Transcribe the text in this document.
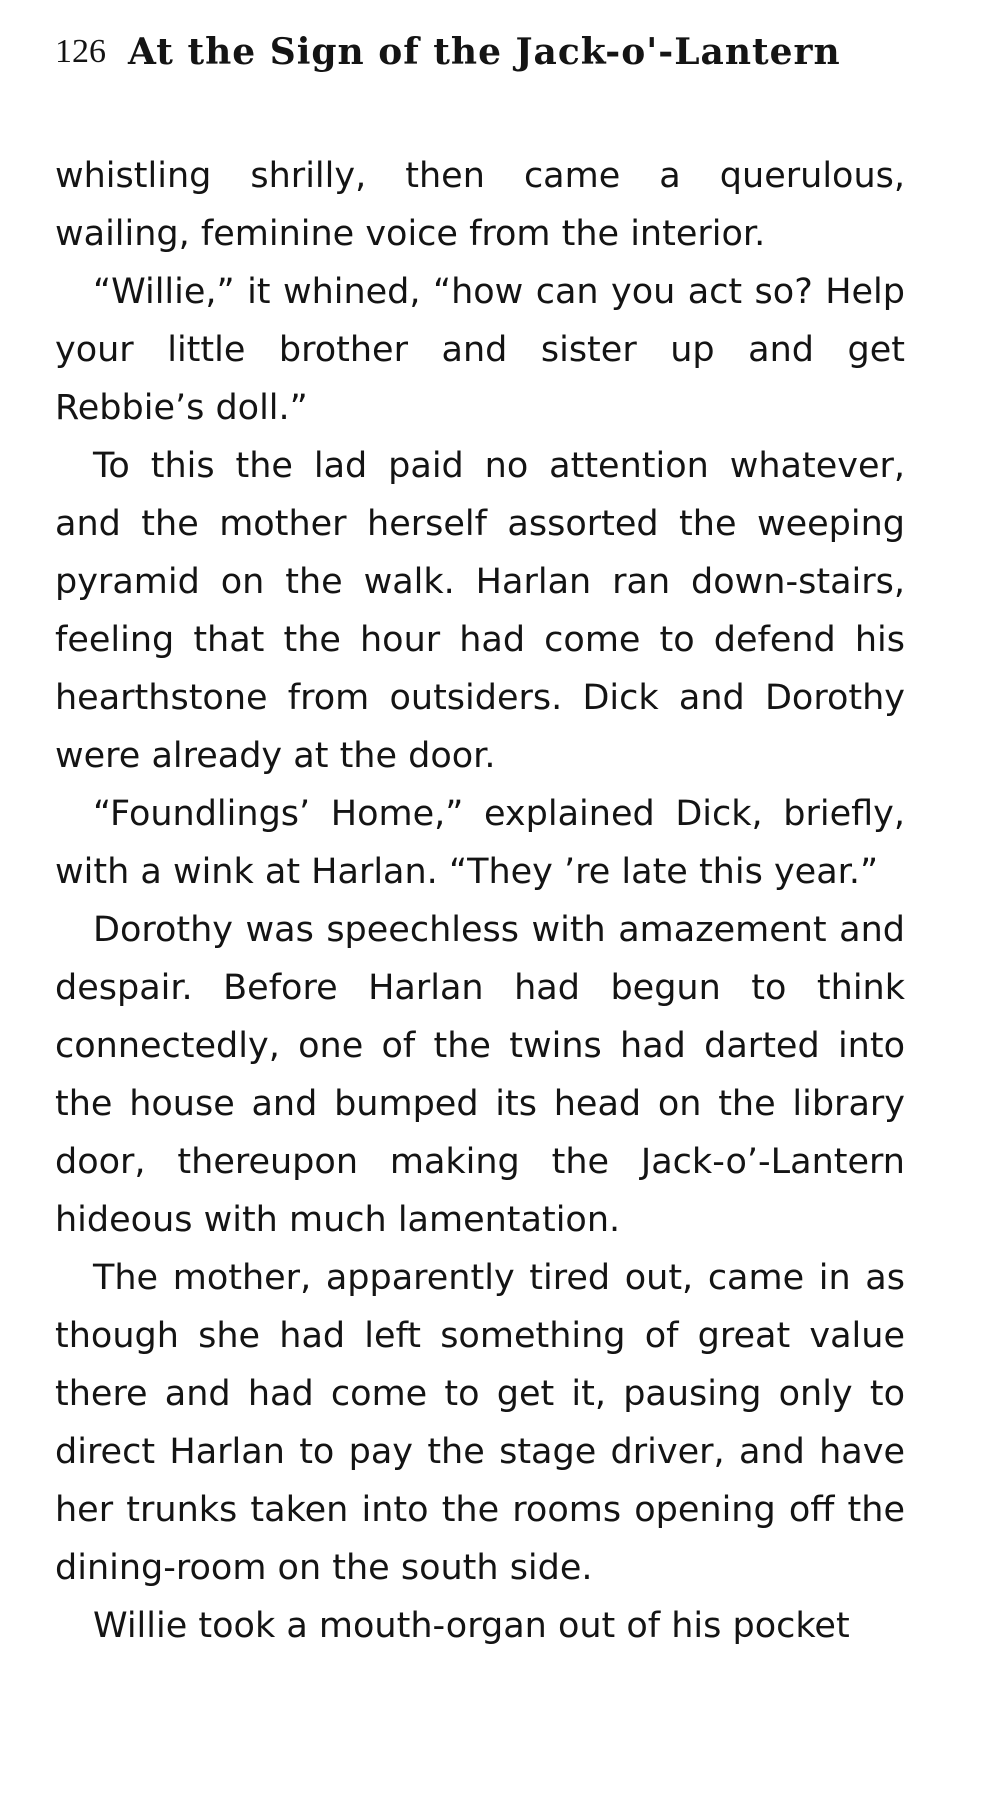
126 At the Sign of the Jack-o'-Lantern

whistling shrilly, then came a querulous, wailing, feminine voice from the interior.

“Willie,” it whined, “how can you act so? Help your little brother and sister up and get Rebbie’s doll.”

To this the lad paid no attention whatever, and the mother herself assorted the weeping pyramid on the walk. Harlan ran down-stairs, feeling that the hour had come to defend his hearthstone from outsiders. Dick and Dorothy were already at the door.

“Foundlings’ Home,” explained Dick, briefly, with a wink at Harlan. “They ’re late this year.”

Dorothy was speechless with amazement and despair. Before Harlan had begun to think connectedly, one of the twins had darted into the house and bumped its head on the library door, thereupon making the Jack-o’-Lantern hideous with much lamentation.

The mother, apparently tired out, came in as though she had left something of great value there and had come to get it, pausing only to direct Harlan to pay the stage driver, and have her trunks taken into the rooms opening off the dining-room on the south side.

Willie took a mouth-organ out of his pocket
